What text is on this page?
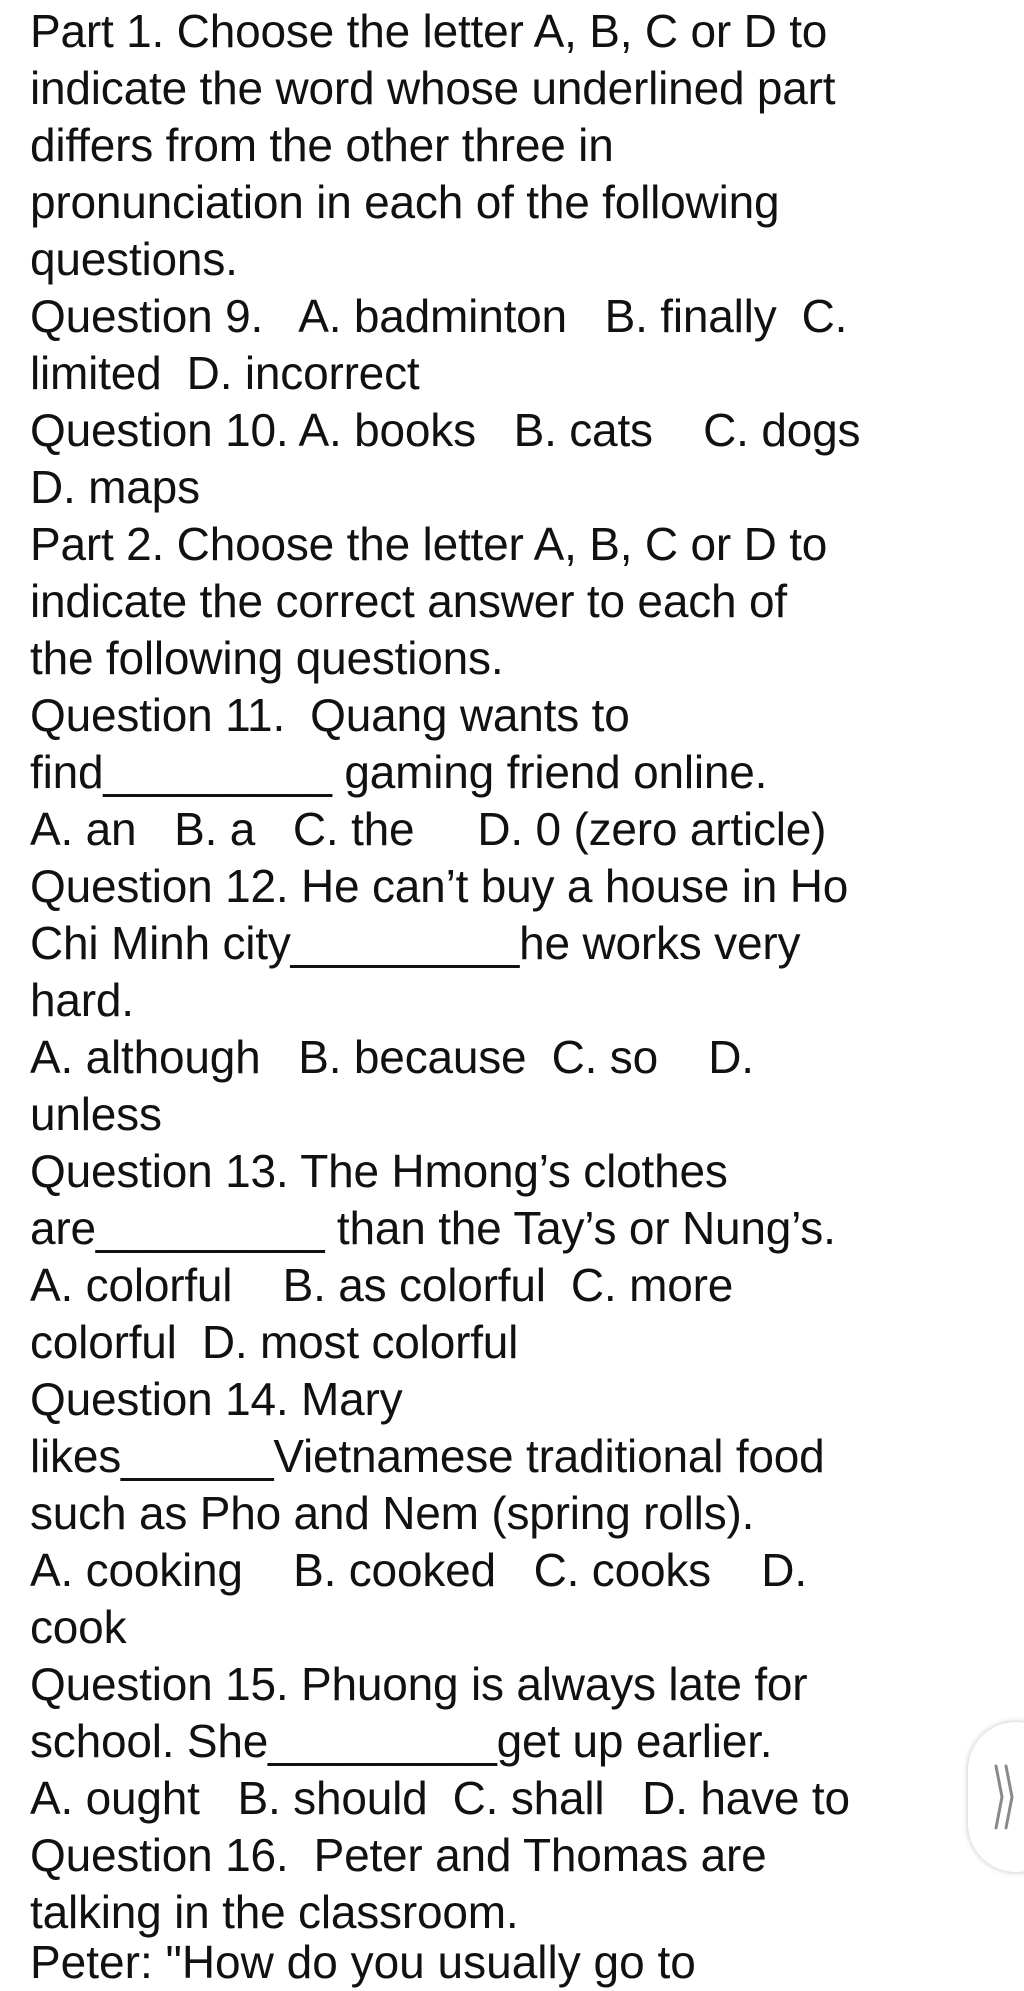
Part 1. Choose the letter A, B, C or D to
indicate the word whose underlined part
differs from the other three in
pronunciation in each of the following
questions.
Question 9.   A. badminton   B. finally  C.
limited  D. incorrect
Question 10. A. books   B. cats    C. dogs
D. maps
Part 2. Choose the letter A, B, C or D to
indicate the correct answer to each of
the following questions.
Question 11.  Quang wants to
find_________ gaming friend online.
A. an   B. a   C. the     D. 0 (zero article)
Question 12. He can’t buy a house in Ho
Chi Minh city_________he works very
hard.
A. although   B. because  C. so    D.
unless
Question 13. The Hmong’s clothes
are_________ than the Tay’s or Nung’s.
A. colorful    B. as colorful  C. more
colorful  D. most colorful
Question 14. Mary
likes______Vietnamese traditional food
such as Pho and Nem (spring rolls).
A. cooking    B. cooked   C. cooks    D.
cook
Question 15. Phuong is always late for
school. She_________get up earlier.
A. ought   B. should  C. shall   D. have to
Question 16.  Peter and Thomas are
talking in the classroom.
Peter: "How do you usually go to
